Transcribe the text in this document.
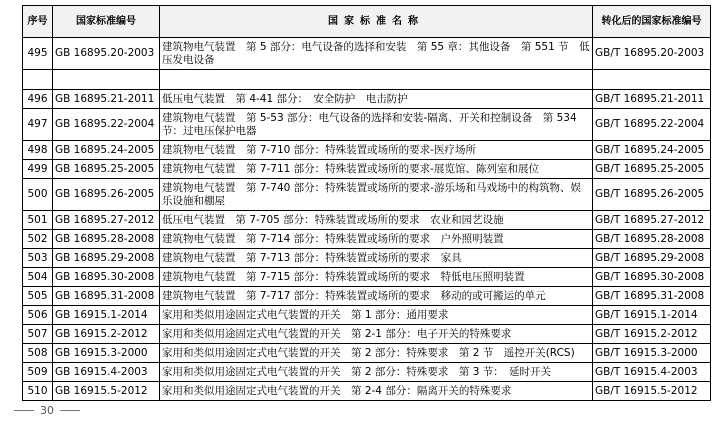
序号	国家标准编号	国家标准名称	转化后的国家标准编号
495	GB 16895.20-2003	建筑物电气装置　第 5 部分：电气设备的选择和安装　第 55 章：其他设备　第 551 节　低压发电设备	GB/T 16895.20-2003

496	GB 16895.21-2011	低压电气装置　第 4-41 部分：　安全防护　电击防护	GB/T 16895.21-2011
497	GB 16895.22-2004	建筑物电气装置　第 5-53 部分：电气设备的选择和安装-隔离、开关和控制设备　第 534 节：过电压保护电器	GB/T 16895.22-2004
498	GB 16895.24-2005	建筑物电气装置　第 7-710 部分：特殊装置或场所的要求-医疗场所	GB/T 16895.24-2005
499	GB 16895.25-2005	建筑物电气装置　第 7-711 部分：特殊装置或场所的要求-展览馆、陈列室和展位	GB/T 16895.25-2005
500	GB 16895.26-2005	建筑物电气装置　第 7-740 部分：特殊装置或场所的要求-游乐场和马戏场中的构筑物、娱乐设施和棚屋	GB/T 16895.26-2005
501	GB 16895.27-2012	低压电气装置　第 7-705 部分：特殊装置或场所的要求　农业和园艺设施	GB/T 16895.27-2012
502	GB 16895.28-2008	建筑物电气装置　第 7-714 部分：特殊装置或场所的要求　户外照明装置	GB/T 16895.28-2008
503	GB 16895.29-2008	建筑物电气装置　第 7-713 部分：特殊装置或场所的要求　家具	GB/T 16895.29-2008
504	GB 16895.30-2008	建筑物电气装置　第 7-715 部分：特殊装置或场所的要求　特低电压照明装置	GB/T 16895.30-2008
505	GB 16895.31-2008	建筑物电气装置　第 7-717 部分：特殊装置或场所的要求　移动的或可搬运的单元	GB/T 16895.31-2008
506	GB 16915.1-2014	家用和类似用途固定式电气装置的开关　第 1 部分：通用要求	GB/T 16915.1-2014
507	GB 16915.2-2012	家用和类似用途固定式电气装置的开关　第 2-1 部分：电子开关的特殊要求	GB/T 16915.2-2012
508	GB 16915.3-2000	家用和类似用途固定式电气装置的开关　第 2 部分：特殊要求　第 2 节　遥控开关(RCS)	GB/T 16915.3-2000
509	GB 16915.4-2003	家用和类似用途固定式电气装置的开关　第 2 部分：特殊要求　第 3 节：　延时开关	GB/T 16915.4-2003
510	GB 16915.5-2012	家用和类似用途固定式电气装置的开关　第 2-4 部分：隔离开关的特殊要求	GB/T 16915.5-2012
30
